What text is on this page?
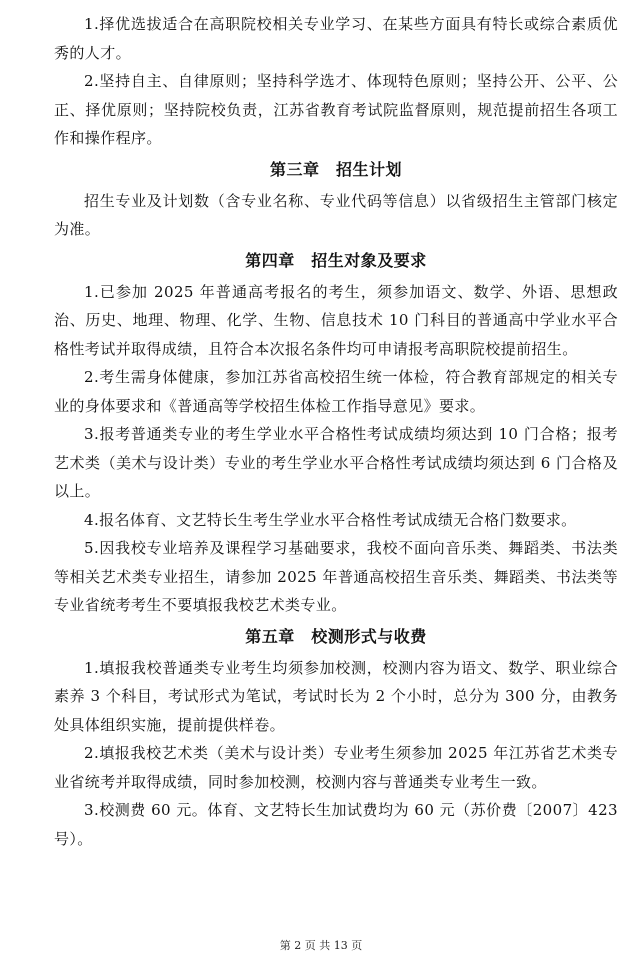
1.择优选拔适合在高职院校相关专业学习、在某些方面具有特长或综合素质优秀的人才。

2.坚持自主、自律原则；坚持科学选才、体现特色原则；坚持公开、公平、公正、择优原则；坚持院校负责，江苏省教育考试院监督原则，规范提前招生各项工作和操作程序。

第三章　招生计划

招生专业及计划数（含专业名称、专业代码等信息）以省级招生主管部门核定为准。

第四章　招生对象及要求

1.已参加 2025 年普通高考报名的考生，须参加语文、数学、外语、思想政治、历史、地理、物理、化学、生物、信息技术 10 门科目的普通高中学业水平合格性考试并取得成绩，且符合本次报名条件均可申请报考高职院校提前招生。

2.考生需身体健康，参加江苏省高校招生统一体检，符合教育部规定的相关专业的身体要求和《普通高等学校招生体检工作指导意见》要求。

3.报考普通类专业的考生学业水平合格性考试成绩均须达到 10 门合格；报考艺术类（美术与设计类）专业的考生学业水平合格性考试成绩均须达到 6 门合格及以上。

4.报名体育、文艺特长生考生学业水平合格性考试成绩无合格门数要求。

5.因我校专业培养及课程学习基础要求，我校不面向音乐类、舞蹈类、书法类等相关艺术类专业招生，请参加 2025 年普通高校招生音乐类、舞蹈类、书法类等专业省统考考生不要填报我校艺术类专业。

第五章　校测形式与收费

1.填报我校普通类专业考生均须参加校测，校测内容为语文、数学、职业综合素养 3 个科目，考试形式为笔试，考试时长为 2 个小时，总分为 300 分，由教务处具体组织实施，提前提供样卷。

2.填报我校艺术类（美术与设计类）专业考生须参加 2025 年江苏省艺术类专业省统考并取得成绩，同时参加校测，校测内容与普通类专业考生一致。

3.校测费 60 元。体育、文艺特长生加试费均为 60 元（苏价费〔2007〕423号）。

第 2 页 共 13 页
